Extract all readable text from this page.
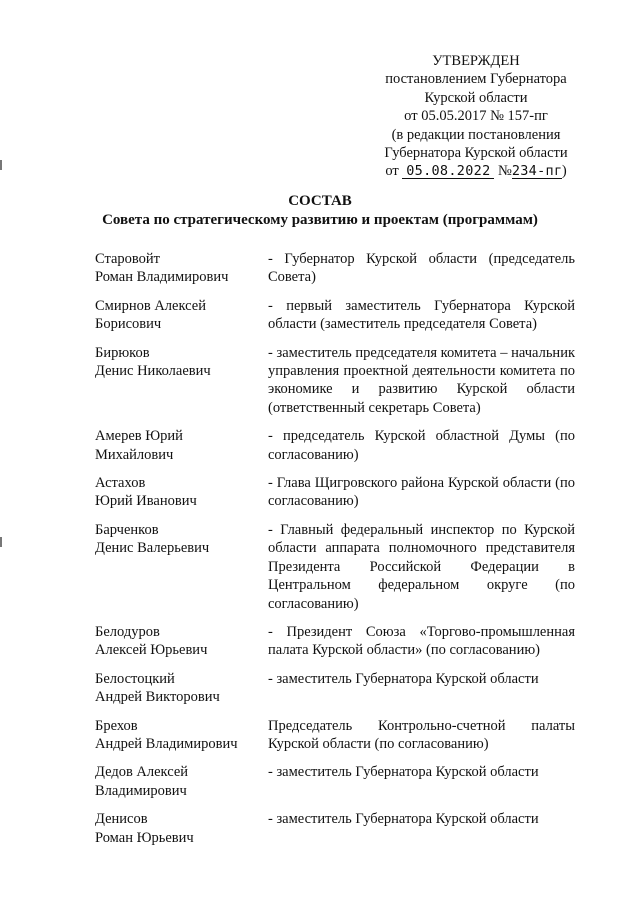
УТВЕРЖДЕН
постановлением Губернатора
Курской области
от 05.05.2017 № 157-пг
(в редакции постановления
Губернатора Курской области
от 05.08.2022 №234-пг)
СОСТАВ
Совета по стратегическому развитию и проектам (программам)
Старовойт
Роман Владимирович
- Губернатор Курской области (председатель Совета)
Смирнов Алексей
Борисович
- первый заместитель Губернатора Курской области (заместитель председателя Совета)
Бирюков
Денис Николаевич
- заместитель председателя комитета – начальник управления проектной деятельности комитета по экономике и развитию Курской области (ответственный секретарь Совета)
Амерев Юрий
Михайлович
- председатель Курской областной Думы (по согласованию)
Астахов
Юрий Иванович
- Глава Щигровского района Курской области (по согласованию)
Барченков
Денис Валерьевич
- Главный федеральный инспектор по Курской области аппарата полномочного представителя Президента Российской Федерации в Центральном федеральном округе (по согласованию)
Белодуров
Алексей Юрьевич
- Президент Союза «Торгово-промышленная палата Курской области» (по согласованию)
Белостоцкий
Андрей Викторович
- заместитель Губернатора Курской области
Брехов
Андрей Владимирович
Председатель Контрольно-счетной палаты Курской области (по согласованию)
Дедов Алексей
Владимирович
- заместитель Губернатора Курской области
Денисов
Роман Юрьевич
- заместитель Губернатора Курской области
